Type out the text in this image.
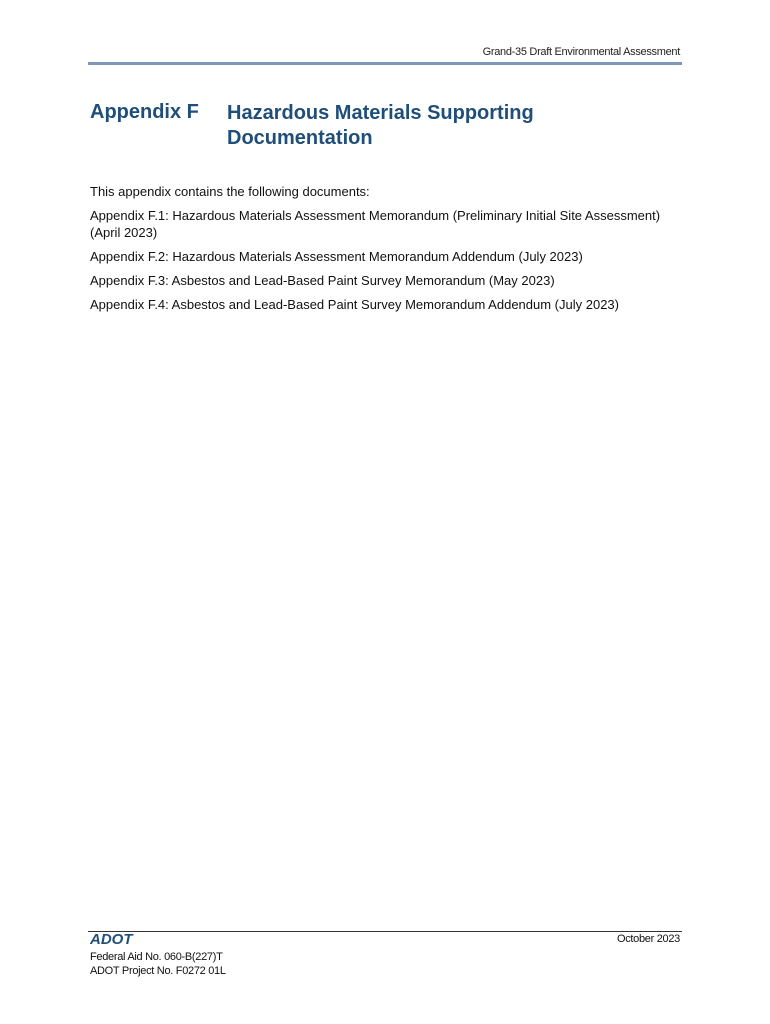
Grand-35 Draft Environmental Assessment
Appendix F Hazardous Materials Supporting Documentation

This appendix contains the following documents:

Appendix F.1: Hazardous Materials Assessment Memorandum (Preliminary Initial Site Assessment) (April 2023)

Appendix F.2: Hazardous Materials Assessment Memorandum Addendum (July 2023)

Appendix F.3: Asbestos and Lead-Based Paint Survey Memorandum (May 2023)

Appendix F.4: Asbestos and Lead-Based Paint Survey Memorandum Addendum (July 2023)

ADOT	October 2023
Federal Aid No. 060-B(227)T
ADOT Project No. F0272 01L
